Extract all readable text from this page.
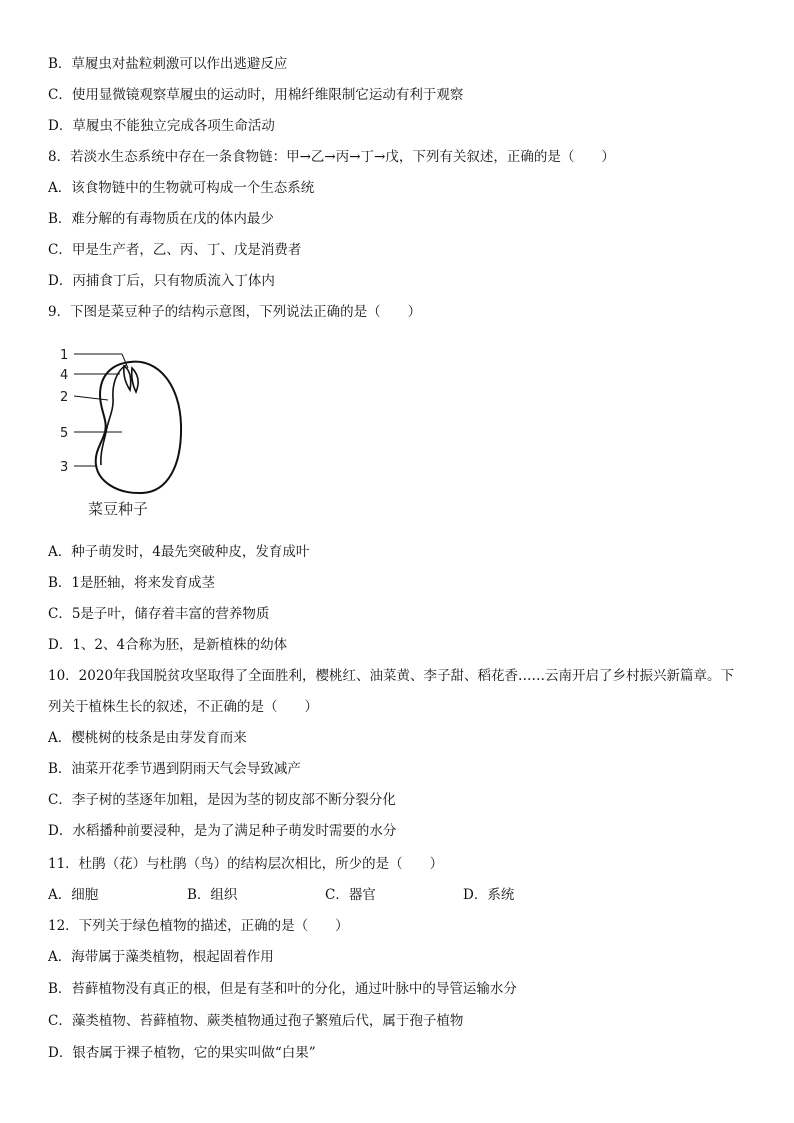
B．草履虫对盐粒刺激可以作出逃避反应
C．使用显微镜观察草履虫的运动时，用棉纤维限制它运动有利于观察
D．草履虫不能独立完成各项生命活动
8．若淡水生态系统中存在一条食物链：甲→乙→丙→丁→戊，下列有关叙述，正确的是（　　）
A．该食物链中的生物就可构成一个生态系统
B．难分解的有毒物质在戊的体内最少
C．甲是生产者，乙、丙、丁、戊是消费者
D．丙捕食丁后，只有物质流入丁体内
9．下图是菜豆种子的结构示意图，下列说法正确的是（　　）
1
4
2
5
3
菜豆种子
A．种子萌发时，4最先突破种皮，发育成叶
B．1是胚轴，将来发育成茎
C．5是子叶，储存着丰富的营养物质
D．1、2、4合称为胚，是新植株的幼体
10．2020年我国脱贫攻坚取得了全面胜利，樱桃红、油菜黄、李子甜、稻花香……云南开启了乡村振兴新篇章。下
列关于植株生长的叙述，不正确的是（　　）
A．樱桃树的枝条是由芽发育而来
B．油菜开花季节遇到阴雨天气会导致减产
C．李子树的茎逐年加粗，是因为茎的韧皮部不断分裂分化
D．水稻播种前要浸种，是为了满足种子萌发时需要的水分
11．杜鹃（花）与杜鹃（鸟）的结构层次相比，所少的是（　　）
A．细胞	B．组织	C．器官	D．系统
12．下列关于绿色植物的描述，正确的是（　　）
A．海带属于藻类植物，根起固着作用
B．苔藓植物没有真正的根，但是有茎和叶的分化，通过叶脉中的导管运输水分
C．藻类植物、苔藓植物、蕨类植物通过孢子繁殖后代，属于孢子植物
D．银杏属于裸子植物，它的果实叫做“白果”
